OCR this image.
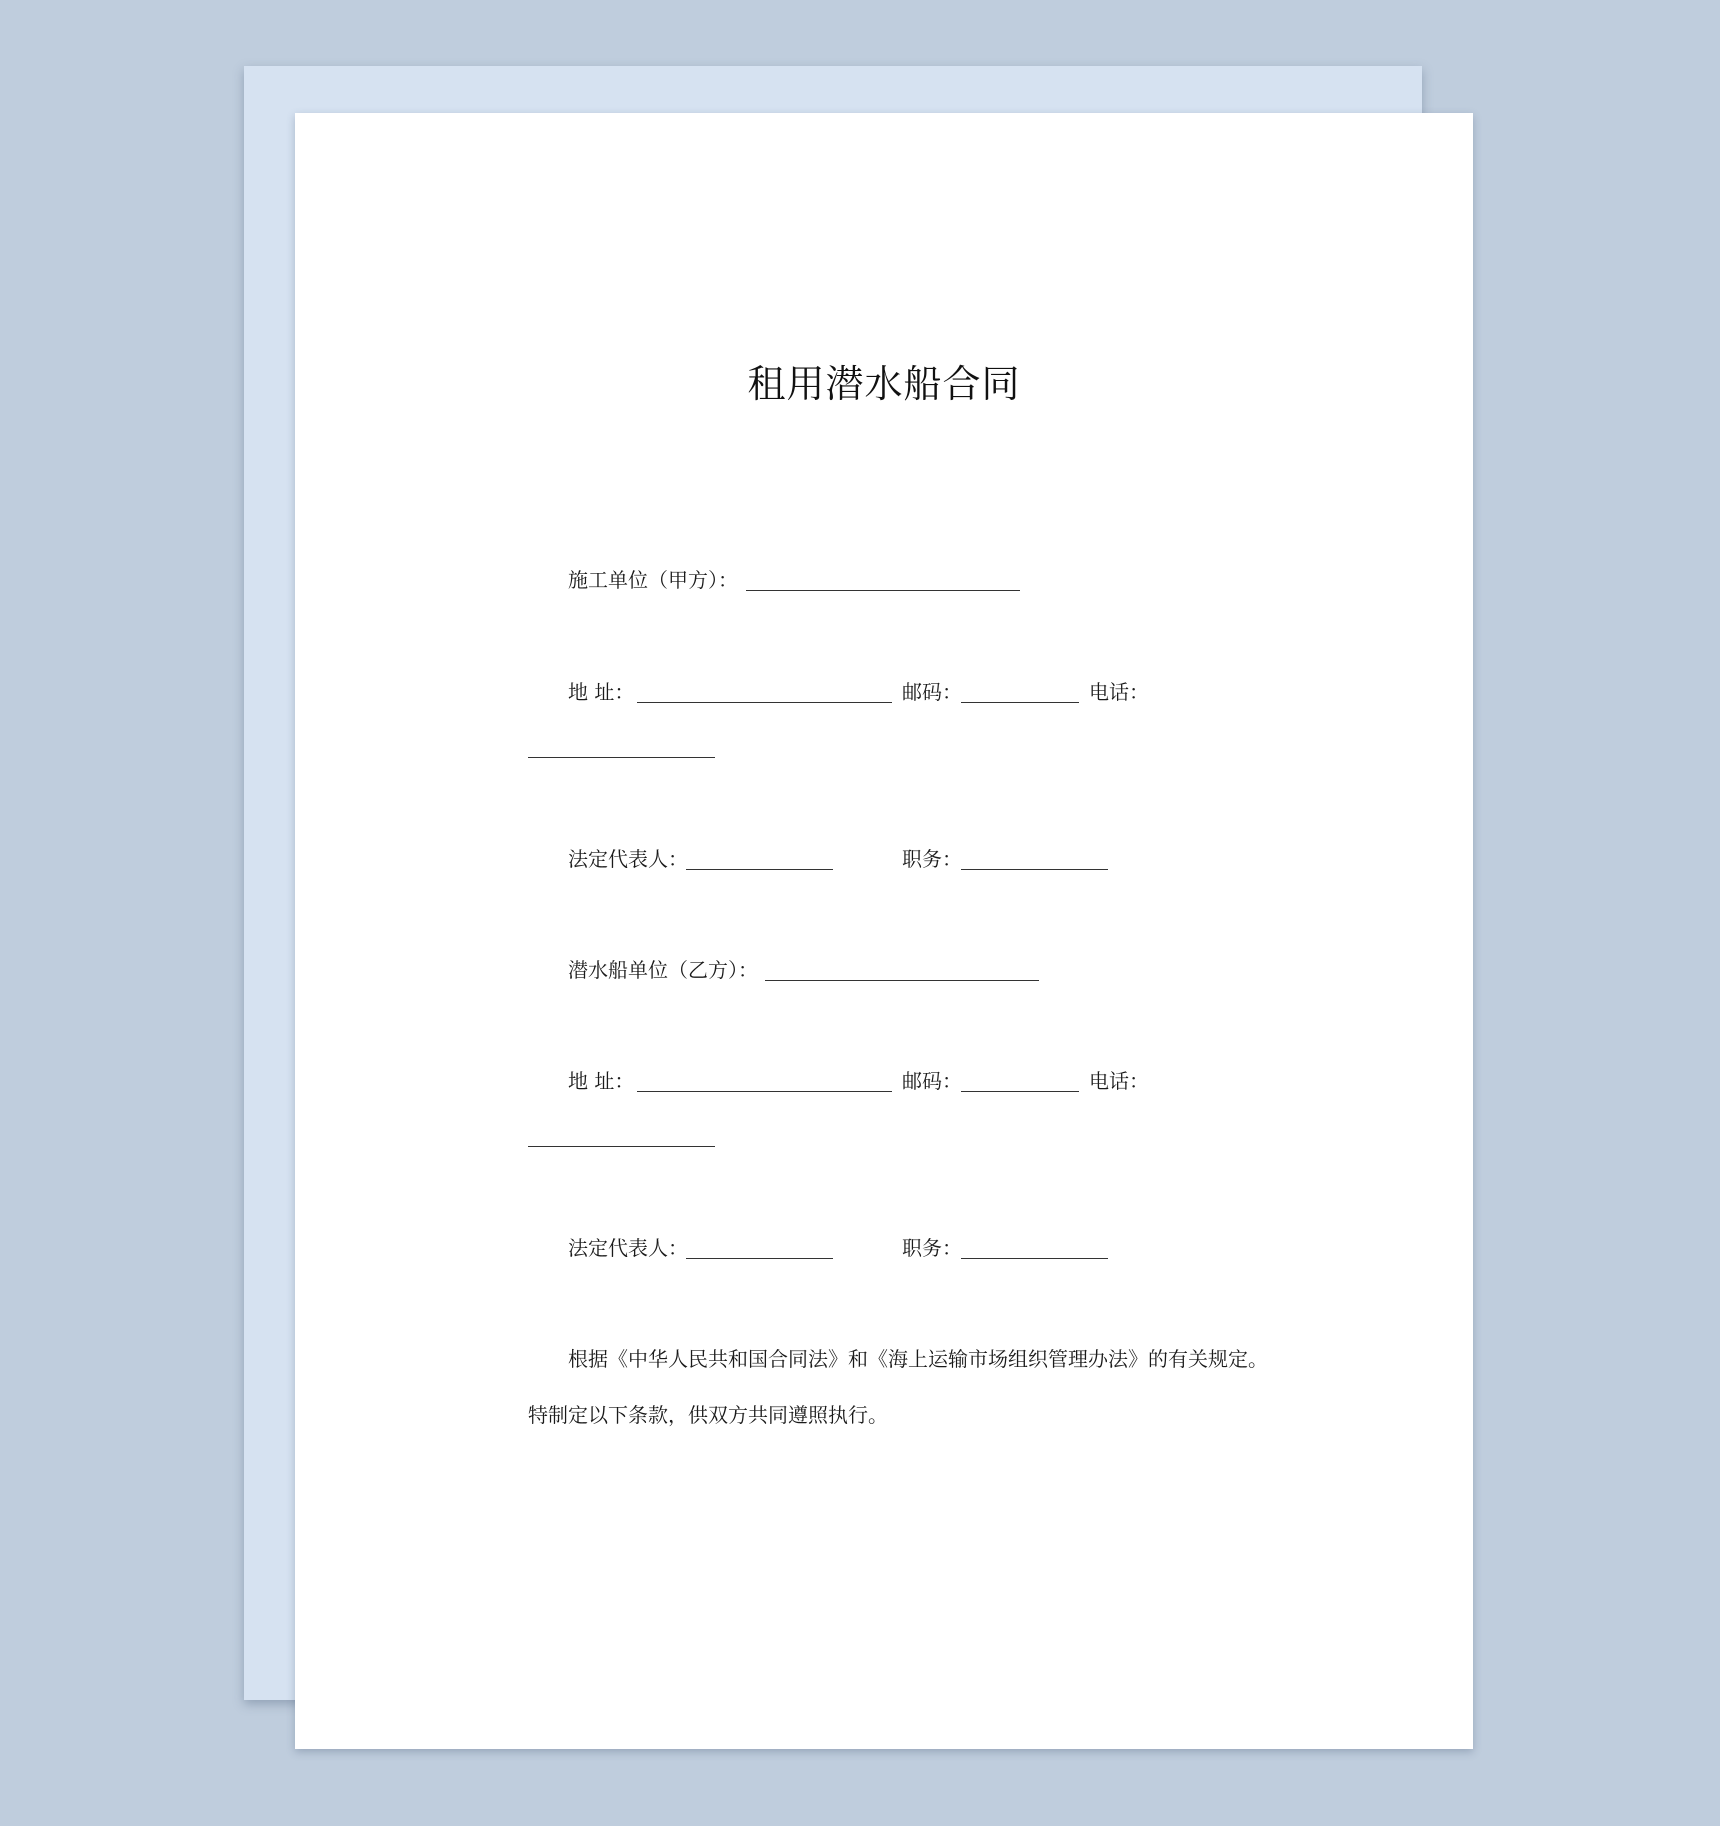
租用潜水船合同
施工单位（甲方）：
地 址：	邮码：	电话：
法定代表人：	职务：
潜水船单位（乙方）：
地 址：	邮码：	电话：
法定代表人：	职务：
根据《中华人民共和国合同法》和《海上运输市场组织管理办法》的有关规定。
特制定以下条款，供双方共同遵照执行。
